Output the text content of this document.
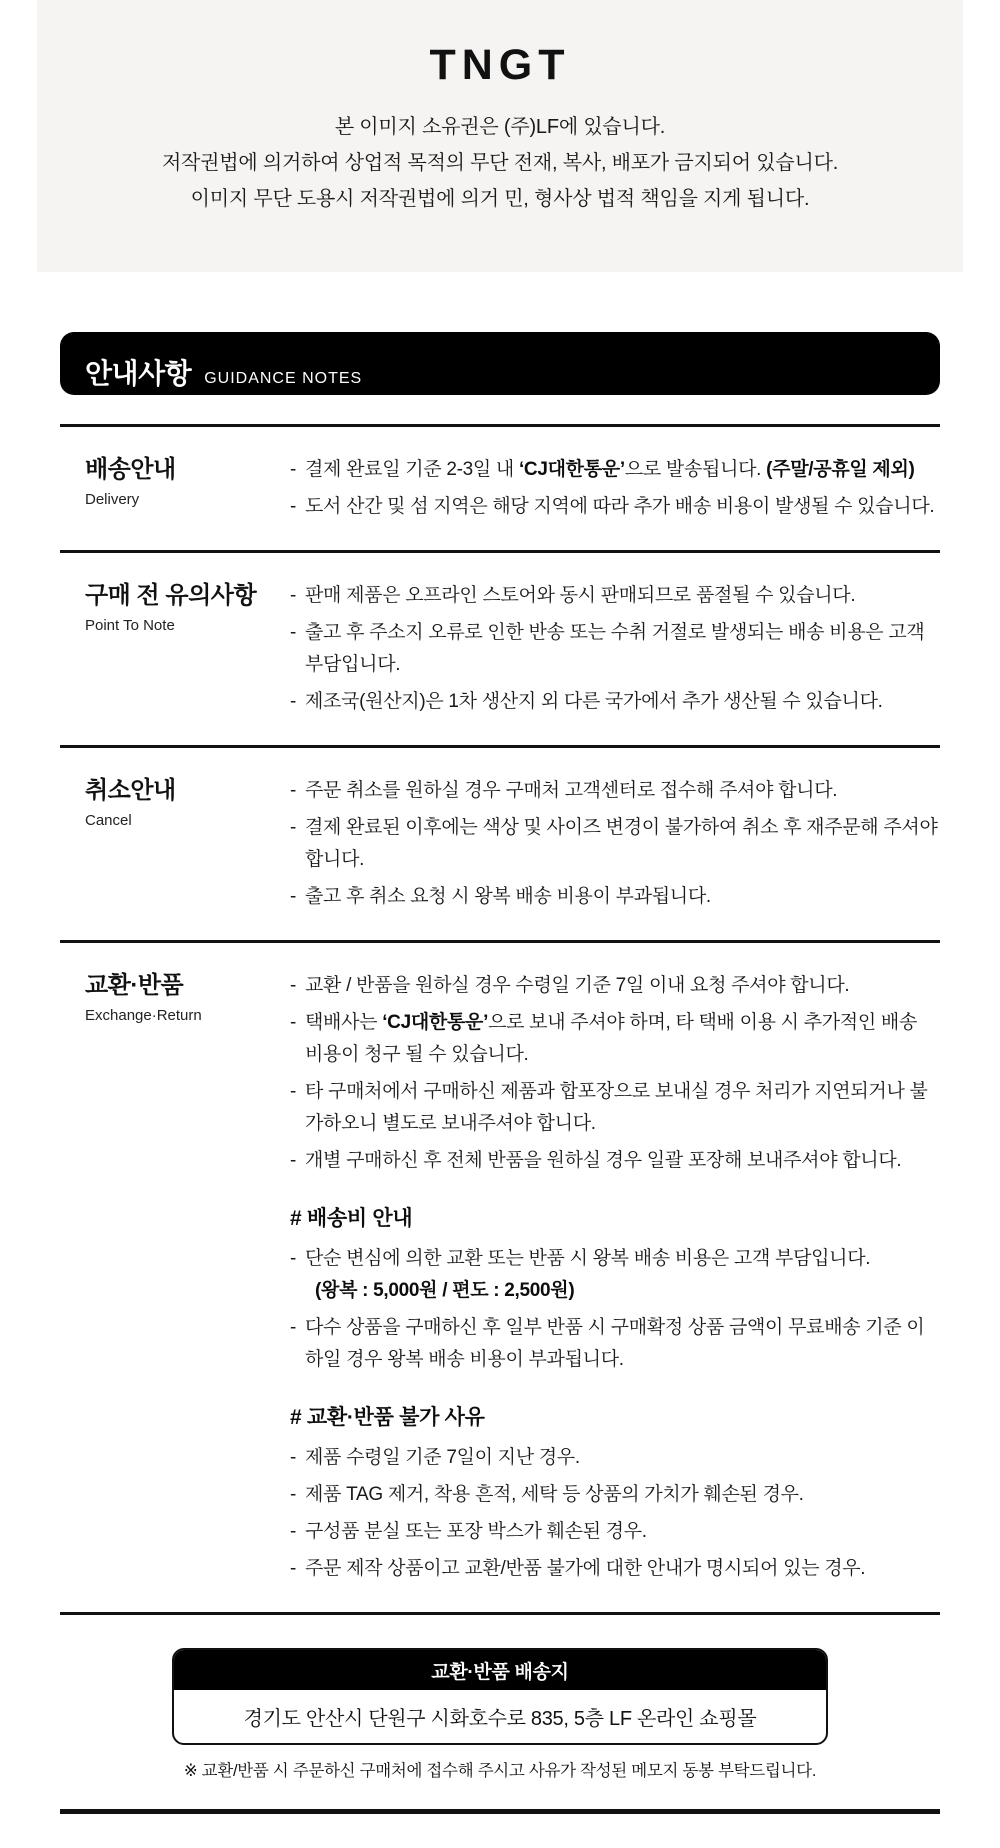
TNGT

본 이미지 소유권은 (주)LF에 있습니다.

저작권법에 의거하여 상업적 목적의 무단 전재, 복사, 배포가 금지되어 있습니다.

이미지 무단 도용시 저작권법에 의거 민, 형사상 법적 책임을 지게 됩니다.

안내사항 GUIDANCE NOTES
배송안내
Delivery
- 결제 완료일 기준 2-3일 내 ‘CJ대한통운’으로 발송됩니다. (주말/공휴일 제외)
- 도서 산간 및 섬 지역은 해당 지역에 따라 추가 배송 비용이 발생될 수 있습니다.
구매 전 유의사항
Point To Note
- 판매 제품은 오프라인 스토어와 동시 판매되므로 품절될 수 있습니다.
- 출고 후 주소지 오류로 인한 반송 또는 수취 거절로 발생되는 배송 비용은 고객 부담입니다.
- 제조국(원산지)은 1차 생산지 외 다른 국가에서 추가 생산될 수 있습니다.
취소안내
Cancel
- 주문 취소를 원하실 경우 구매처 고객센터로 접수해 주셔야 합니다.
- 결제 완료된 이후에는 색상 및 사이즈 변경이 불가하여 취소 후 재주문해 주셔야 합니다.
- 출고 후 취소 요청 시 왕복 배송 비용이 부과됩니다.
교환·반품
Exchange·Return
- 교환 / 반품을 원하실 경우 수령일 기준 7일 이내 요청 주셔야 합니다.
- 택배사는 ‘CJ대한통운’으로 보내 주셔야 하며, 타 택배 이용 시 추가적인 배송 비용이 청구 될 수 있습니다.
- 타 구매처에서 구매하신 제품과 합포장으로 보내실 경우 처리가 지연되거나 불가하오니 별도로 보내주셔야 합니다.
- 개별 구매하신 후 전체 반품을 원하실 경우 일괄 포장해 보내주셔야 합니다.
# 배송비 안내
- 단순 변심에 의한 교환 또는 반품 시 왕복 배송 비용은 고객 부담입니다.
(왕복 : 5,000원 / 편도 : 2,500원)
- 다수 상품을 구매하신 후 일부 반품 시 구매확정 상품 금액이 무료배송 기준 이하일 경우 왕복 배송 비용이 부과됩니다.
# 교환·반품 불가 사유
- 제품 수령일 기준 7일이 지난 경우.
- 제품 TAG 제거, 착용 흔적, 세탁 등 상품의 가치가 훼손된 경우.
- 구성품 분실 또는 포장 박스가 훼손된 경우.
- 주문 제작 상품이고 교환/반품 불가에 대한 안내가 명시되어 있는 경우.
교환·반품 배송지
경기도 안산시 단원구 시화호수로 835, 5층 LF 온라인 쇼핑몰
※ 교환/반품 시 주문하신 구매처에 접수해 주시고 사유가 작성된 메모지 동봉 부탁드립니다.
